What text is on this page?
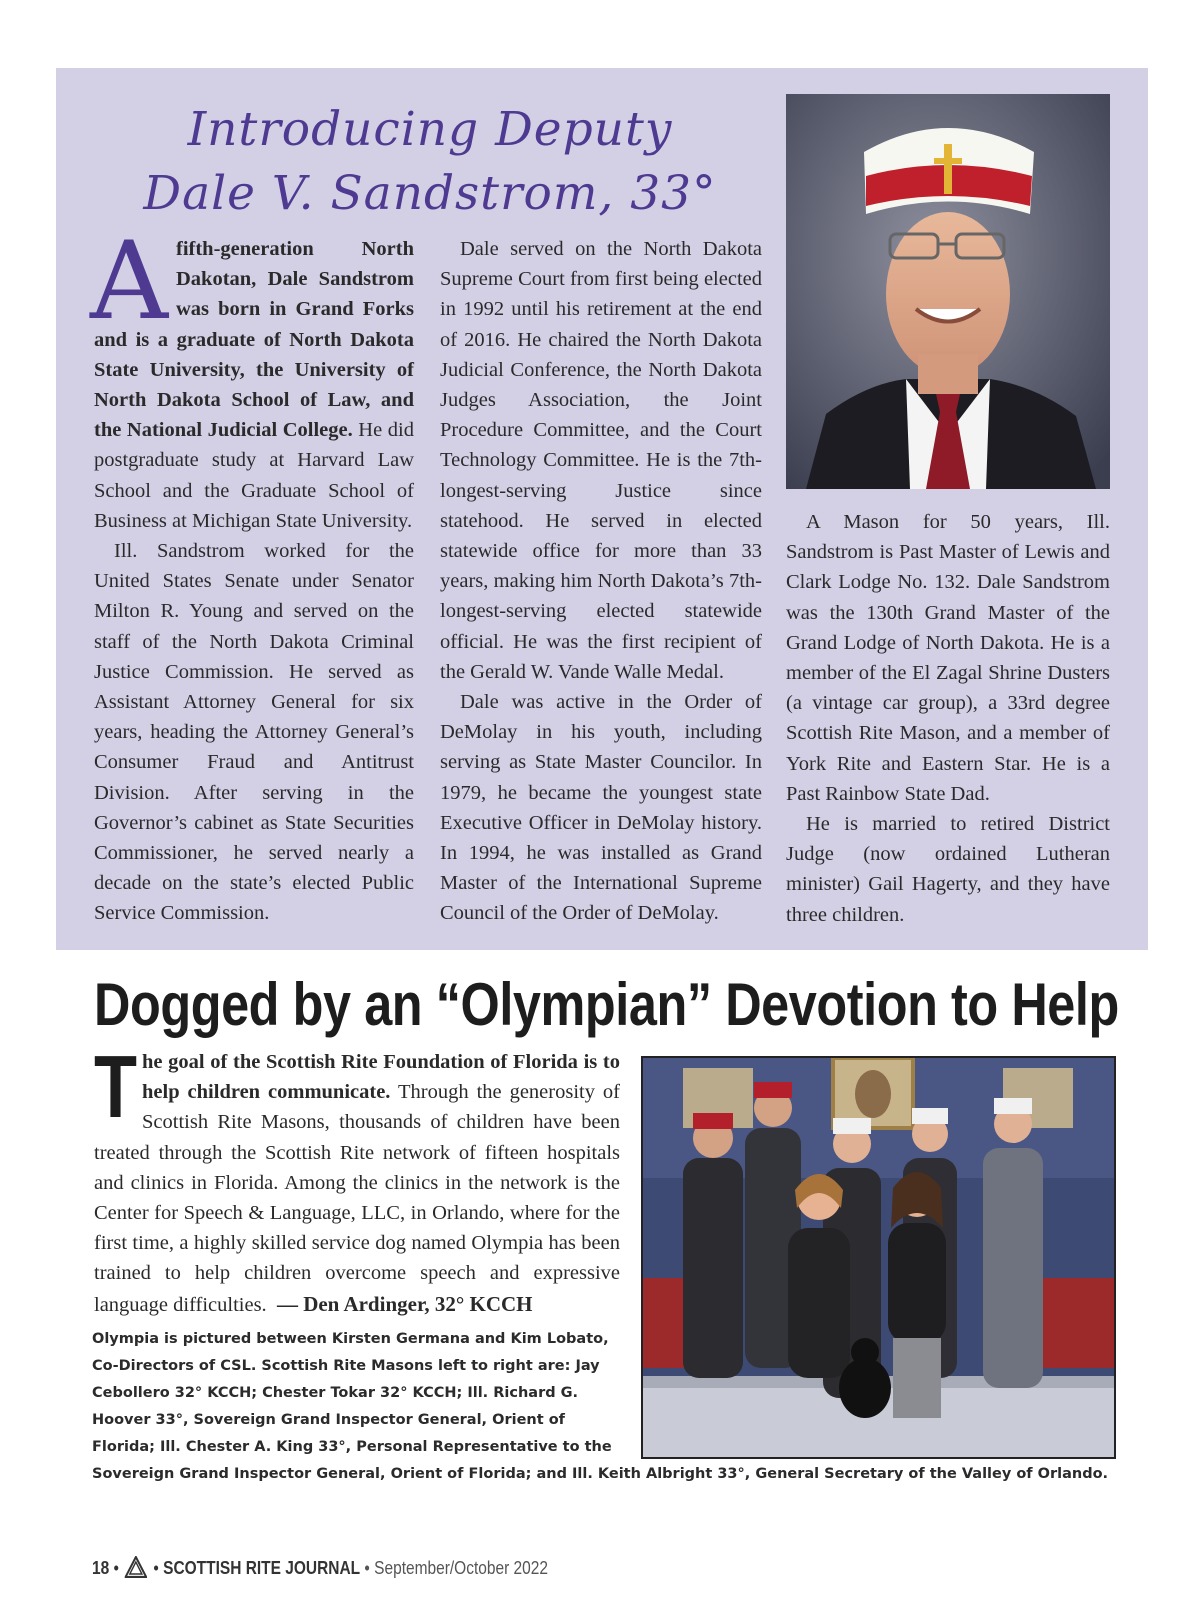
Introducing Deputy
Dale V. Sandstrom, 33°

Afifth-generation North Dakotan, Dale Sandstrom was born in Grand Forks and is a graduate of North Dakota State University, the University of North Dakota School of Law, and the National Judicial College. He did postgraduate study at Harvard Law School and the Graduate School of Business at Michigan State University.

Ill. Sandstrom worked for the United States Senate under Senator Milton R. Young and served on the staff of the North Dakota Criminal Justice Commission. He served as Assistant Attorney General for six years, heading the Attorney General’s Consumer Fraud and Antitrust Division. After serving in the Governor’s cabinet as State Securities Commissioner, he served nearly a decade on the state’s elected Public Service Commission.

Dale served on the North Dakota Supreme Court from first being elected in 1992 until his retirement at the end of 2016. He chaired the North Dakota Judicial Conference, the North Dakota Judges Association, the Joint Procedure Committee, and the Court Technology Committee. He is the 7th-longest-serving Justice since statehood. He served in elected statewide office for more than 33 years, making him North Dakota’s 7th-longest-serving elected statewide official. He was the first recipient of the Gerald W. Vande Walle Medal.

Dale was active in the Order of DeMolay in his youth, including serving as State Master Councilor. In 1979, he became the youngest state Executive Officer in DeMolay history. In 1994, he was installed as Grand Master of the International Supreme Council of the Order of DeMolay.

A Mason for 50 years, Ill. Sandstrom is Past Master of Lewis and Clark Lodge No. 132. Dale Sandstrom was the 130th Grand Master of the Grand Lodge of North Dakota. He is a member of the El Zagal Shrine Dusters (a vintage car group), a 33rd degree Scottish Rite Mason, and a member of York Rite and Eastern Star. He is a Past Rainbow State Dad.

He is married to retired District Judge (now ordained Lutheran minister) Gail Hagerty, and they have three children.

Dogged by an “Olympian” Devotion to Help

The goal of the Scottish Rite Foundation of Florida is to help children communicate. Through the generosity of Scottish Rite Masons, thousands of children have been treated through the Scottish Rite network of fifteen hospitals and clinics in Florida. Among the clinics in the network is the Center for Speech & Language, LLC, in Orlando, where for the first time, a highly skilled service dog named Olympia has been trained to help children overcome speech and expressive language difficulties. — Den Ardinger, 32° KCCH

Olympia is pictured between Kirsten Germana and Kim Lobato, Co-Directors of CSL. Scottish Rite Masons left to right are: Jay Cebollero 32° KCCH; Chester Tokar 32° KCCH; Ill. Richard G. Hoover 33°, Sovereign Grand Inspector General, Orient of Florida; Ill. Chester A. King 33°, Personal Representative to the
Sovereign Grand Inspector General, Orient of Florida; and Ill. Keith Albright 33°, General Secretary of the Valley of Orlando.
18 • • SCOTTISH RITE JOURNAL • September/October 2022
